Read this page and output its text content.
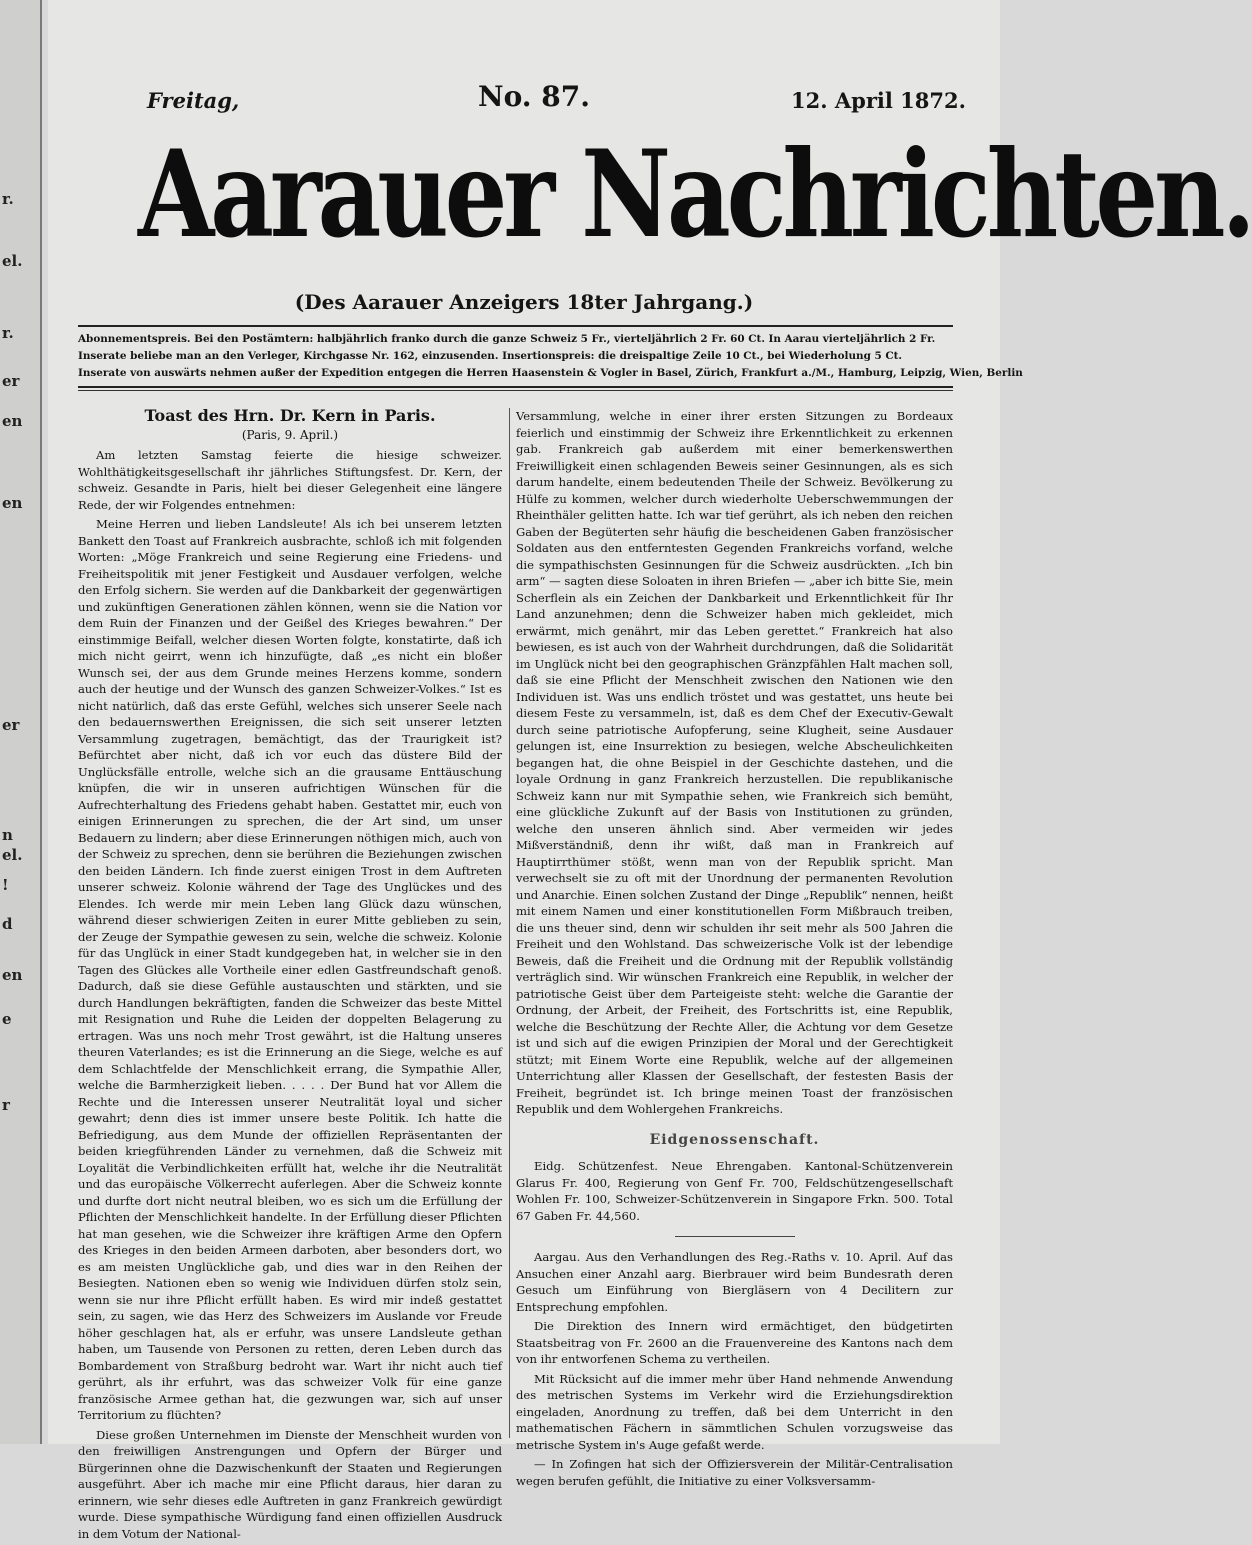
r.
el.
r.
er
en
en
er
n
el.
!
d
en
e
r
Freitag,	No. 87.	12. April 1872.
Aarauer Nachrichten.
(Des Aarauer Anzeigers 18ter Jahrgang.)
Abonnementspreis. Bei den Postämtern: halbjährlich franko durch die ganze Schweiz 5 Fr., vierteljährlich 2 Fr. 60 Ct. In Aarau vierteljährlich 2 Fr.
Inserate beliebe man an den Verleger, Kirchgasse Nr. 162, einzusenden. Insertionspreis: die dreispaltige Zeile 10 Ct., bei Wiederholung 5 Ct.
Inserate von auswärts nehmen außer der Expedition entgegen die Herren Haasenstein & Vogler in Basel, Zürich, Frankfurt a./M., Hamburg, Leipzig, Wien, Berlin
Toast des Hrn. Dr. Kern in Paris.
(Paris, 9. April.)

Am letzten Samstag feierte die hiesige schweizer. Wohlthätigkeitsgesellschaft ihr jährliches Stiftungsfest. Dr. Kern, der schweiz. Gesandte in Paris, hielt bei dieser Gelegenheit eine längere Rede, der wir Folgendes entnehmen:

Meine Herren und lieben Landsleute! Als ich bei unserem letzten Bankett den Toast auf Frankreich ausbrachte, schloß ich mit folgenden Worten: „Möge Frankreich und seine Regierung eine Friedens- und Freiheitspolitik mit jener Festigkeit und Ausdauer verfolgen, welche den Erfolg sichern. Sie werden auf die Dankbarkeit der gegenwärtigen und zukünftigen Generationen zählen können, wenn sie die Nation vor dem Ruin der Finanzen und der Geißel des Krieges bewahren.“ Der einstimmige Beifall, welcher diesen Worten folgte, konstatirte, daß ich mich nicht geirrt, wenn ich hinzufügte, daß „es nicht ein bloßer Wunsch sei, der aus dem Grunde meines Herzens komme, sondern auch der heutige und der Wunsch des ganzen Schweizer-Volkes.“ Ist es nicht natürlich, daß das erste Gefühl, welches sich unserer Seele nach den bedauernswerthen Ereignissen, die sich seit unserer letzten Versammlung zugetragen, bemächtigt, das der Traurigkeit ist? Befürchtet aber nicht, daß ich vor euch das düstere Bild der Unglücksfälle entrolle, welche sich an die grausame Enttäuschung knüpfen, die wir in unseren aufrichtigen Wünschen für die Aufrechterhaltung des Friedens gehabt haben. Gestattet mir, euch von einigen Erinnerungen zu sprechen, die der Art sind, um unser Bedauern zu lindern; aber diese Erinnerungen nöthigen mich, auch von der Schweiz zu sprechen, denn sie berühren die Beziehungen zwischen den beiden Ländern. Ich finde zuerst einigen Trost in dem Auftreten unserer schweiz. Kolonie während der Tage des Unglückes und des Elendes. Ich werde mir mein Leben lang Glück dazu wünschen, während dieser schwierigen Zeiten in eurer Mitte geblieben zu sein, der Zeuge der Sympathie gewesen zu sein, welche die schweiz. Kolonie für das Unglück in einer Stadt kundgegeben hat, in welcher sie in den Tagen des Glückes alle Vortheile einer edlen Gastfreundschaft genoß. Dadurch, daß sie diese Gefühle austauschten und stärkten, und sie durch Handlungen bekräftigten, fanden die Schweizer das beste Mittel mit Resignation und Ruhe die Leiden der doppelten Belagerung zu ertragen. Was uns noch mehr Trost gewährt, ist die Haltung unseres theuren Vaterlandes; es ist die Erinnerung an die Siege, welche es auf dem Schlachtfelde der Menschlichkeit errang, die Sympathie Aller, welche die Barmherzigkeit lieben. . . . . Der Bund hat vor Allem die Rechte und die Interessen unserer Neutralität loyal und sicher gewahrt; denn dies ist immer unsere beste Politik. Ich hatte die Befriedigung, aus dem Munde der offiziellen Repräsentanten der beiden kriegführenden Länder zu vernehmen, daß die Schweiz mit Loyalität die Verbindlichkeiten erfüllt hat, welche ihr die Neutralität und das europäische Völkerrecht auferlegen. Aber die Schweiz konnte und durfte dort nicht neutral bleiben, wo es sich um die Erfüllung der Pflichten der Menschlichkeit handelte. In der Erfüllung dieser Pflichten hat man gesehen, wie die Schweizer ihre kräftigen Arme den Opfern des Krieges in den beiden Armeen darboten, aber besonders dort, wo es am meisten Unglückliche gab, und dies war in den Reihen der Besiegten. Nationen eben so wenig wie Individuen dürfen stolz sein, wenn sie nur ihre Pflicht erfüllt haben. Es wird mir indeß gestattet sein, zu sagen, wie das Herz des Schweizers im Auslande vor Freude höher geschlagen hat, als er erfuhr, was unsere Landsleute gethan haben, um Tausende von Personen zu retten, deren Leben durch das Bombardement von Straßburg bedroht war. Wart ihr nicht auch tief gerührt, als ihr erfuhrt, was das schweizer Volk für eine ganze französische Armee gethan hat, die gezwungen war, sich auf unser Territorium zu flüchten?

Diese großen Unternehmen im Dienste der Menschheit wurden von den freiwilligen Anstrengungen und Opfern der Bürger und Bürgerinnen ohne die Dazwischenkunft der Staaten und Regierungen ausgeführt. Aber ich mache mir eine Pflicht daraus, hier daran zu erinnern, wie sehr dieses edle Auftreten in ganz Frankreich gewürdigt wurde. Diese sympathische Würdigung fand einen offiziellen Ausdruck in dem Votum der National-

Versammlung, welche in einer ihrer ersten Sitzungen zu Bordeaux feierlich und einstimmig der Schweiz ihre Erkenntlichkeit zu erkennen gab. Frankreich gab außerdem mit einer bemerkenswerthen Freiwilligkeit einen schlagenden Beweis seiner Gesinnungen, als es sich darum handelte, einem bedeutenden Theile der Schweiz. Bevölkerung zu Hülfe zu kommen, welcher durch wiederholte Ueberschwemmungen der Rheinthäler gelitten hatte. Ich war tief gerührt, als ich neben den reichen Gaben der Begüterten sehr häufig die bescheidenen Gaben französischer Soldaten aus den entferntesten Gegenden Frankreichs vorfand, welche die sympathischsten Gesinnungen für die Schweiz ausdrückten. „Ich bin arm“ — sagten diese Soloaten in ihren Briefen — „aber ich bitte Sie, mein Scherflein als ein Zeichen der Dankbarkeit und Erkenntlichkeit für Ihr Land anzunehmen; denn die Schweizer haben mich gekleidet, mich erwärmt, mich genährt, mir das Leben gerettet.“ Frankreich hat also bewiesen, es ist auch von der Wahrheit durchdrungen, daß die Solidarität im Unglück nicht bei den geographischen Gränzpfählen Halt machen soll, daß sie eine Pflicht der Menschheit zwischen den Nationen wie den Individuen ist. Was uns endlich tröstet und was gestattet, uns heute bei diesem Feste zu versammeln, ist, daß es dem Chef der Executiv-Gewalt durch seine patriotische Aufopferung, seine Klugheit, seine Ausdauer gelungen ist, eine Insurrektion zu besiegen, welche Abscheulichkeiten begangen hat, die ohne Beispiel in der Geschichte dastehen, und die loyale Ordnung in ganz Frankreich herzustellen. Die republikanische Schweiz kann nur mit Sympathie sehen, wie Frankreich sich bemüht, eine glückliche Zukunft auf der Basis von Institutionen zu gründen, welche den unseren ähnlich sind. Aber vermeiden wir jedes Mißverständniß, denn ihr wißt, daß man in Frankreich auf Hauptirrthümer stößt, wenn man von der Republik spricht. Man verwechselt sie zu oft mit der Unordnung der permanenten Revolution und Anarchie. Einen solchen Zustand der Dinge „Republik“ nennen, heißt mit einem Namen und einer konstitutionellen Form Mißbrauch treiben, die uns theuer sind, denn wir schulden ihr seit mehr als 500 Jahren die Freiheit und den Wohlstand. Das schweizerische Volk ist der lebendige Beweis, daß die Freiheit und die Ordnung mit der Republik vollständig verträglich sind. Wir wünschen Frankreich eine Republik, in welcher der patriotische Geist über dem Parteigeiste steht: welche die Garantie der Ordnung, der Arbeit, der Freiheit, des Fortschritts ist, eine Republik, welche die Beschützung der Rechte Aller, die Achtung vor dem Gesetze ist und sich auf die ewigen Prinzipien der Moral und der Gerechtigkeit stützt; mit Einem Worte eine Republik, welche auf der allgemeinen Unterrichtung aller Klassen der Gesellschaft, der festesten Basis der Freiheit, begründet ist. Ich bringe meinen Toast der französischen Republik und dem Wohlergehen Frankreichs.

Eidgenossenschaft.

Eidg. Schützenfest. Neue Ehrengaben. Kantonal-Schützenverein Glarus Fr. 400, Regierung von Genf Fr. 700, Feldschützengesellschaft Wohlen Fr. 100, Schweizer-Schützenverein in Singapore Frkn. 500. Total 67 Gaben Fr. 44,560.

Aargau. Aus den Verhandlungen des Reg.-Raths v. 10. April. Auf das Ansuchen einer Anzahl aarg. Bierbrauer wird beim Bundesrath deren Gesuch um Einführung von Biergläsern von 4 Decilitern zur Entsprechung empfohlen.

Die Direktion des Innern wird ermächtiget, den büdgetirten Staatsbeitrag von Fr. 2600 an die Frauenvereine des Kantons nach dem von ihr entworfenen Schema zu vertheilen.

Mit Rücksicht auf die immer mehr über Hand nehmende Anwendung des metrischen Systems im Verkehr wird die Erziehungsdirektion eingeladen, Anordnung zu treffen, daß bei dem Unterricht in den mathematischen Fächern in sämmtlichen Schulen vorzugsweise das metrische System in's Auge gefaßt werde.

— In Zofingen hat sich der Offiziersverein der Militär-Centralisation wegen berufen gefühlt, die Initiative zu einer Volksversamm-
